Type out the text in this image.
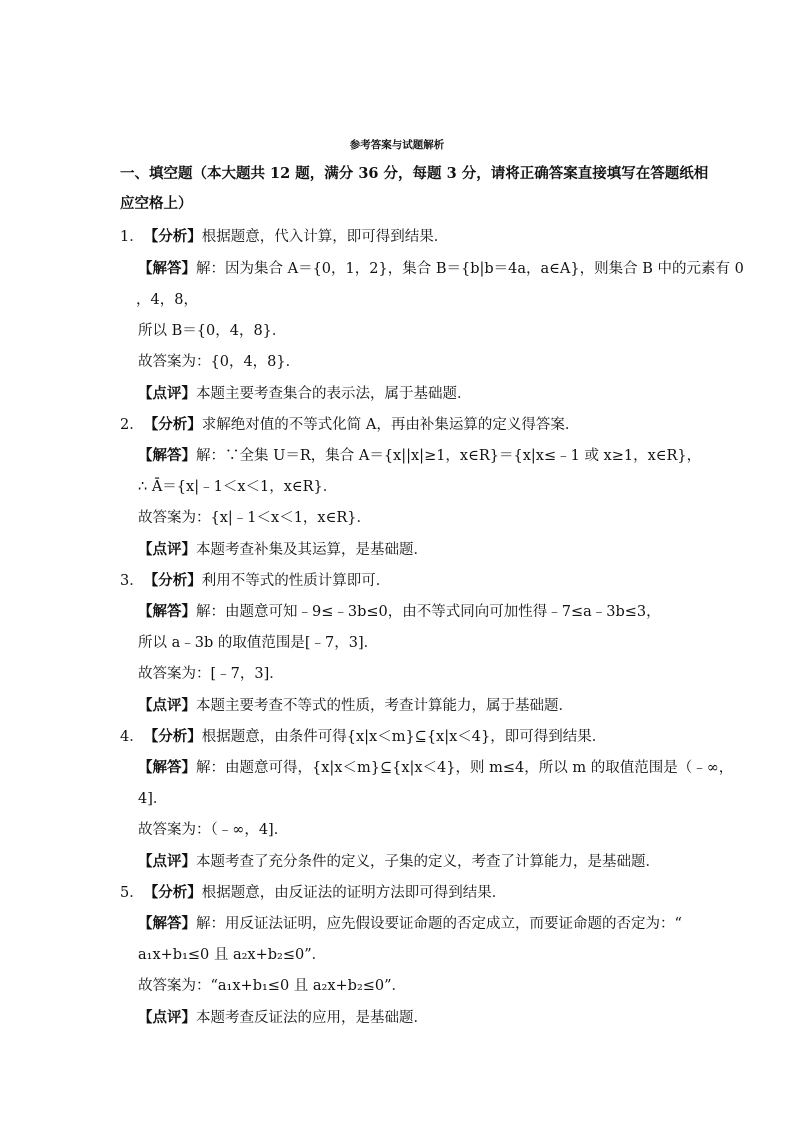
参考答案与试题解析
一、填空题（本大题共 12 题，满分 36 分，每题 3 分，请将正确答案直接填写在答题纸相
应空格上）
1．【分析】根据题意，代入计算，即可得到结果．
【解答】解：因为集合 A＝{0，1，2}，集合 B＝{b|b＝4a，a∈A}，则集合 B 中的元素有 0
，4，8，
所以 B＝{0，4，8}．
故答案为：{0，4，8}．
【点评】本题主要考查集合的表示法，属于基础题．
2．【分析】求解绝对值的不等式化简 A，再由补集运算的定义得答案．
【解答】解：∵全集 U＝R，集合 A＝{x||x|≥1，x∈R}＝{x|x≤﹣1 或 x≥1，x∈R}，
∴ Ā＝{x|﹣1＜x＜1，x∈R}．
故答案为：{x|﹣1＜x＜1，x∈R}．
【点评】本题考查补集及其运算，是基础题．
3．【分析】利用不等式的性质计算即可．
【解答】解：由题意可知﹣9≤﹣3b≤0，由不等式同向可加性得﹣7≤a﹣3b≤3，
所以 a﹣3b 的取值范围是[﹣7，3]．
故答案为：[﹣7，3]．
【点评】本题主要考查不等式的性质，考查计算能力，属于基础题．
4．【分析】根据题意，由条件可得{x|x＜m}⊆{x|x＜4}，即可得到结果．
【解答】解：由题意可得，{x|x＜m}⊆{x|x＜4}，则 m≤4，所以 m 的取值范围是（﹣∞，
4]．
故答案为：（﹣∞，4]．
【点评】本题考查了充分条件的定义，子集的定义，考查了计算能力，是基础题．
5．【分析】根据题意，由反证法的证明方法即可得到结果．
【解答】解：用反证法证明，应先假设要证命题的否定成立，而要证命题的否定为：“
a₁x+b₁≤0 且 a₂x+b₂≤0”．
故答案为：“a₁x+b₁≤0 且 a₂x+b₂≤0”．
【点评】本题考查反证法的应用，是基础题．
